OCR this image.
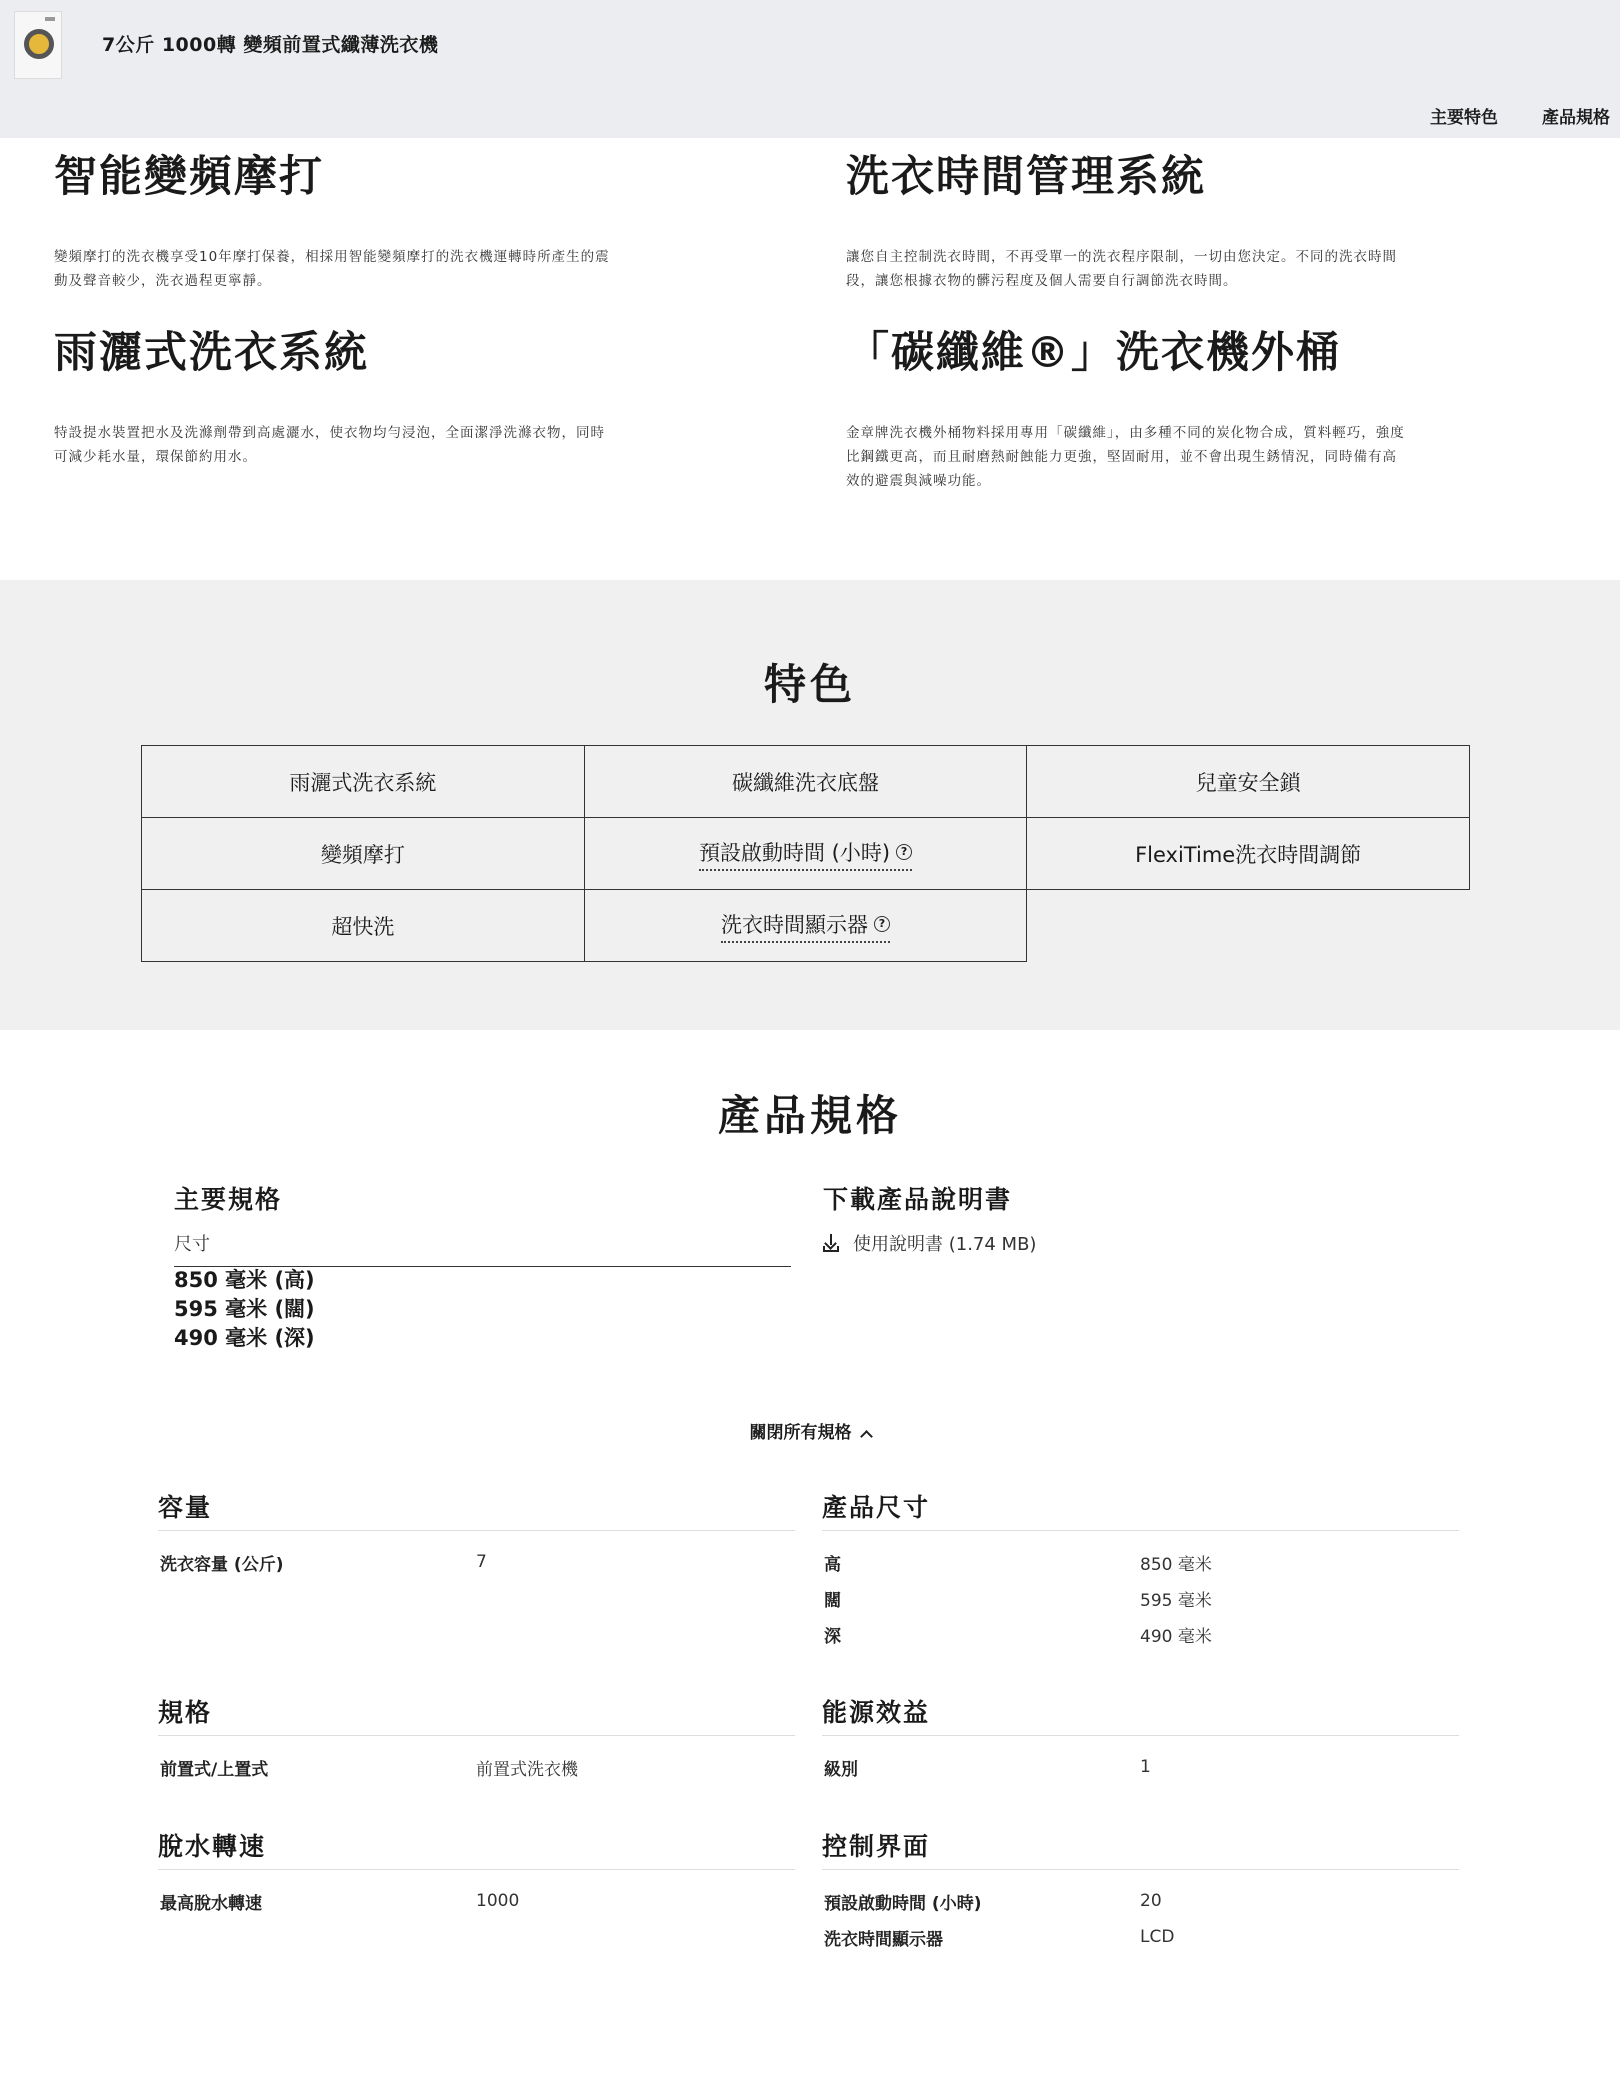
7公斤 1000轉 變頻前置式纖薄洗衣機
主要特色	產品規格
智能變頻摩打

變頻摩打的洗衣機享受10年摩打保養，相採用智能變頻摩打的洗衣機運轉時所產生的震動及聲音較少，洗衣過程更寧靜。

洗衣時間管理系統

讓您自主控制洗衣時間，不再受單一的洗衣程序限制，一切由您決定。不同的洗衣時間段，讓您根據衣物的髒污程度及個人需要自行調節洗衣時間。

雨灑式洗衣系統

特設提水裝置把水及洗滌劑帶到高處灑水，使衣物均勻浸泡，全面潔淨洗滌衣物，同時可減少耗水量，環保節約用水。

「碳纖維®」洗衣機外桶

金章牌洗衣機外桶物料採用專用「碳纖維」，由多種不同的炭化物合成，質料輕巧，強度比鋼鐵更高，而且耐磨熱耐蝕能力更強，堅固耐用，並不會出現生銹情況，同時備有高效的避震與減噪功能。

特色
雨灑式洗衣系統	碳纖維洗衣底盤	兒童安全鎖
變頻摩打	預設啟動時間 (小時) ?	FlexiTime洗衣時間調節
超快洗	洗衣時間顯示器 ?
產品規格
主要規格
尺寸
850 毫米 (高)
595 毫米 (闊)
490 毫米 (深)
下載產品說明書
使用說明書 (1.74 MB)
關閉所有規格
容量
洗衣容量 (公斤)	7
產品尺寸
高	850 毫米
闊	595 毫米
深	490 毫米
規格
前置式/上置式	前置式洗衣機
能源效益
級別	1
脫水轉速
最高脫水轉速	1000
控制界面
預設啟動時間 (小時)	20
洗衣時間顯示器	LCD
